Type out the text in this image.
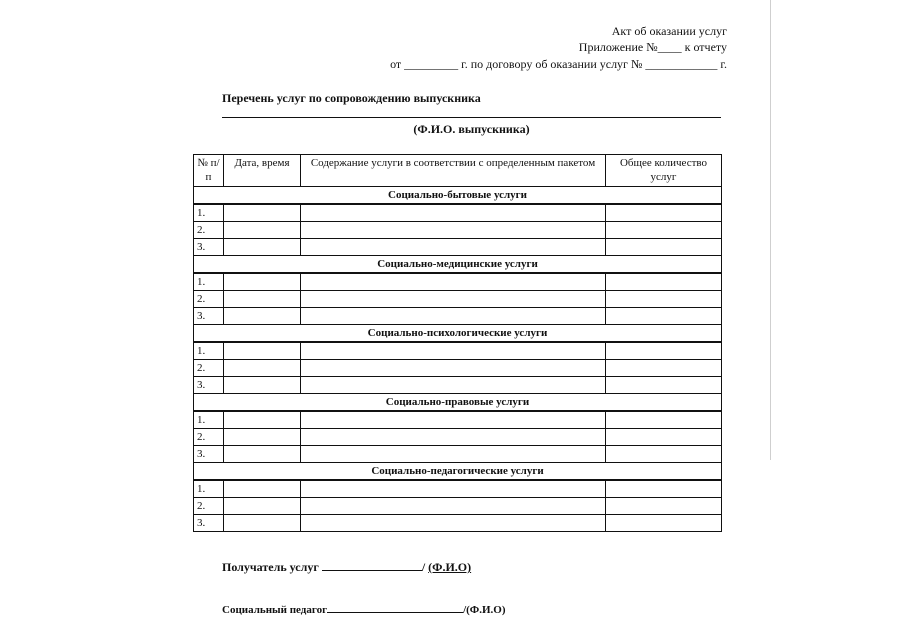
Акт об оказании услуг
Приложение №____ к отчету
от _________ г. по договору об оказании услуг № ____________ г.
Перечень услуг по сопровождению выпускника
(Ф.И.О. выпускника)
№ п/п	Дата, время	Содержание услуги в соответствии с определенным пакетом	Общее количество услуг
Социально-бытовые услуги			
1.			
2.			
3.			
Социально-медицинские услуги			
1.			
2.			
3.			
Социально-психологические услуги			
1.			
2.			
3.			
Социально-правовые услуги			
1.			
2.			
3.			
Социально-педагогические услуги			
1.			
2.			
3.			
Получатель услуг	/ (Ф.И.О)
Социальный педагог	/(Ф.И.О)
